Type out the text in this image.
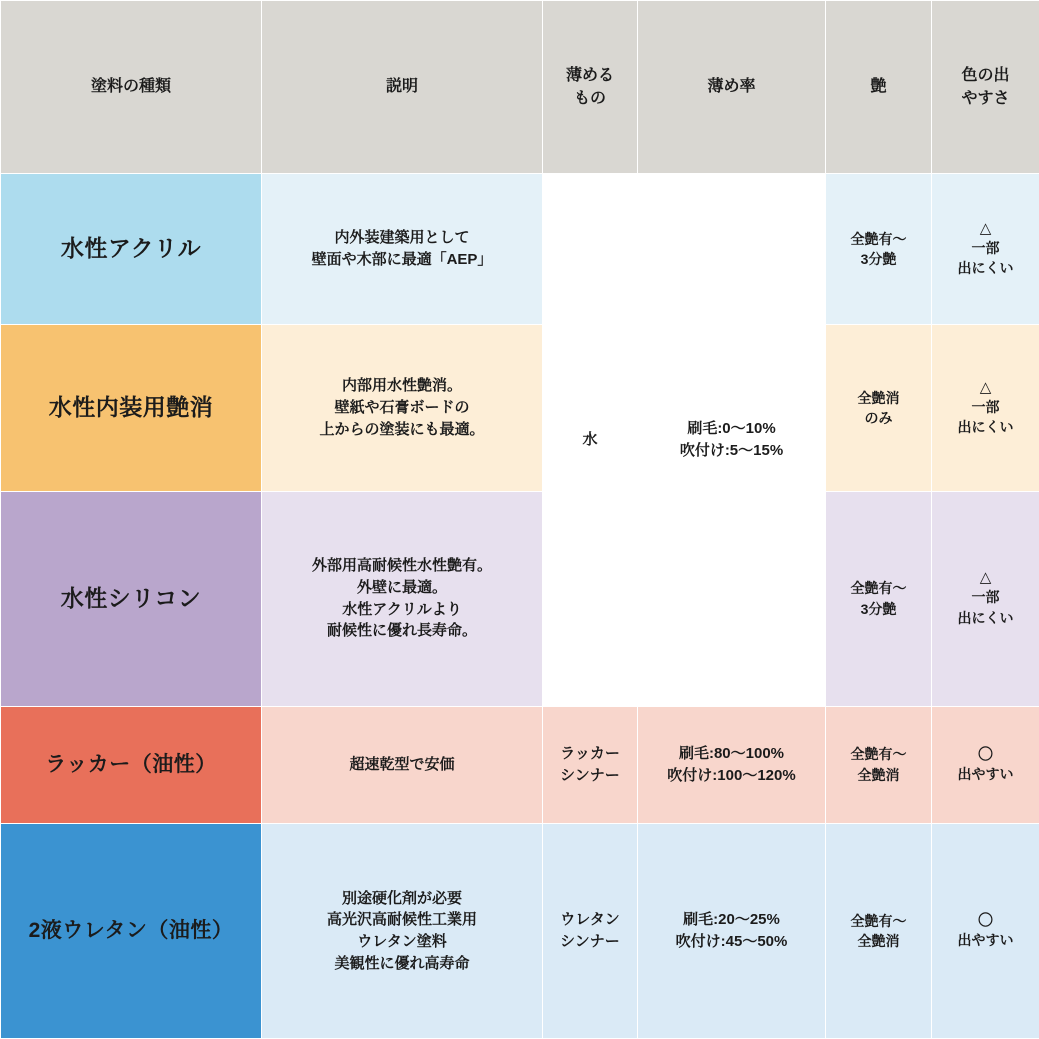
塗料の種類	説明	薄める
もの	薄め率	艶	色の出
やすさ

水性アクリル	内外装建築用として
壁面や木部に最適「AEP」	水	刷毛:0〜10%
吹付け:5〜15%	全艶有〜
3分艶	△
一部
出にくい

水性内装用艶消	内部用水性艶消。
壁紙や石膏ボードの
上からの塗装にも最適。			全艶消
のみ	△
一部
出にくい

水性シリコン	外部用高耐候性水性艶有。
外壁に最適。
水性アクリルより
耐候性に優れ長寿命。			全艶有〜
3分艶	△
一部
出にくい

ラッカー（油性）	超速乾型で安価	ラッカー
シンナー	刷毛:80〜100%
吹付け:100〜120%	全艶有〜
全艶消	〇
出やすい

2液ウレタン（油性）	別途硬化剤が必要
高光沢高耐候性工業用
ウレタン塗料
美観性に優れ高寿命	ウレタン
シンナー	刷毛:20〜25%
吹付け:45〜50%	全艶有〜
全艶消	〇
出やすい
